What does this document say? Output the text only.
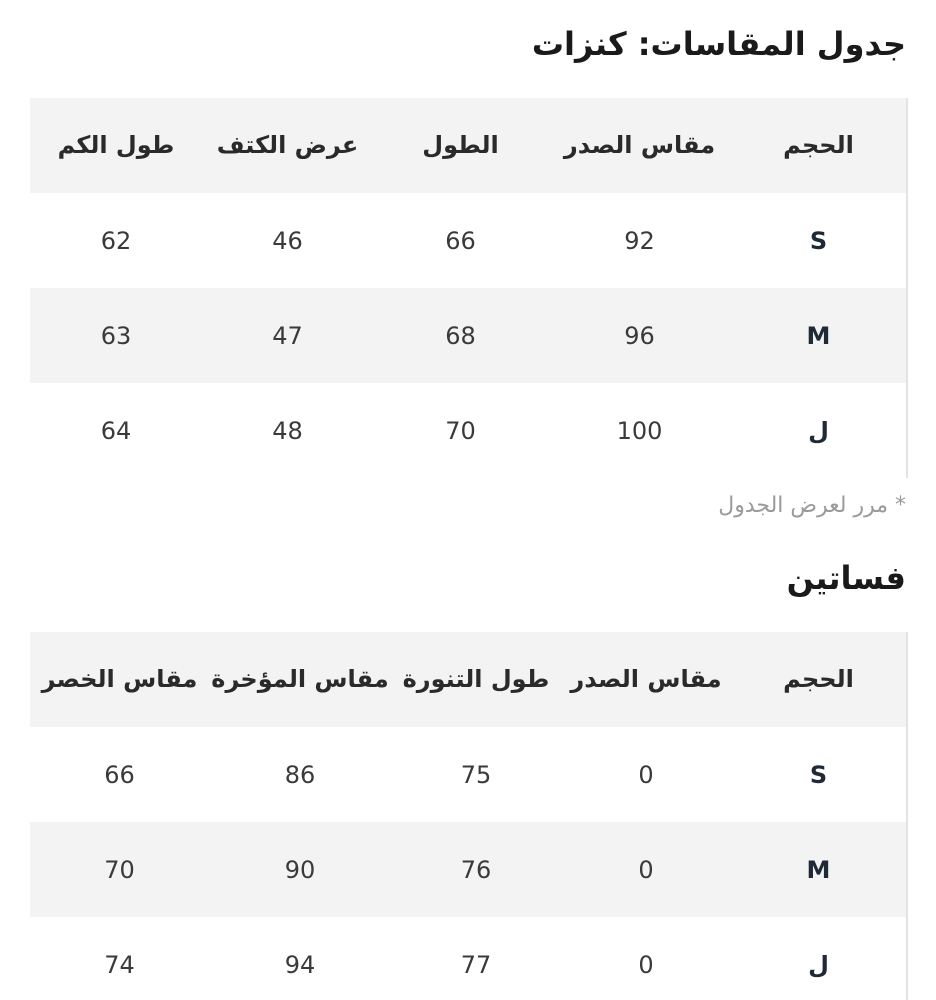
جدول المقاسات: كنزات
الحجم	مقاس الصدر	الطول	عرض الكتف	طول الكم
S	92	66	46	62
M	96	68	47	63
ل	100	70	48	64
* مرر لعرض الجدول
فساتين
الحجم	مقاس الصدر	طول التنورة	مقاس المؤخرة	مقاس الخصر
S	0	75	86	66
M	0	76	90	70
ل	0	77	94	74
